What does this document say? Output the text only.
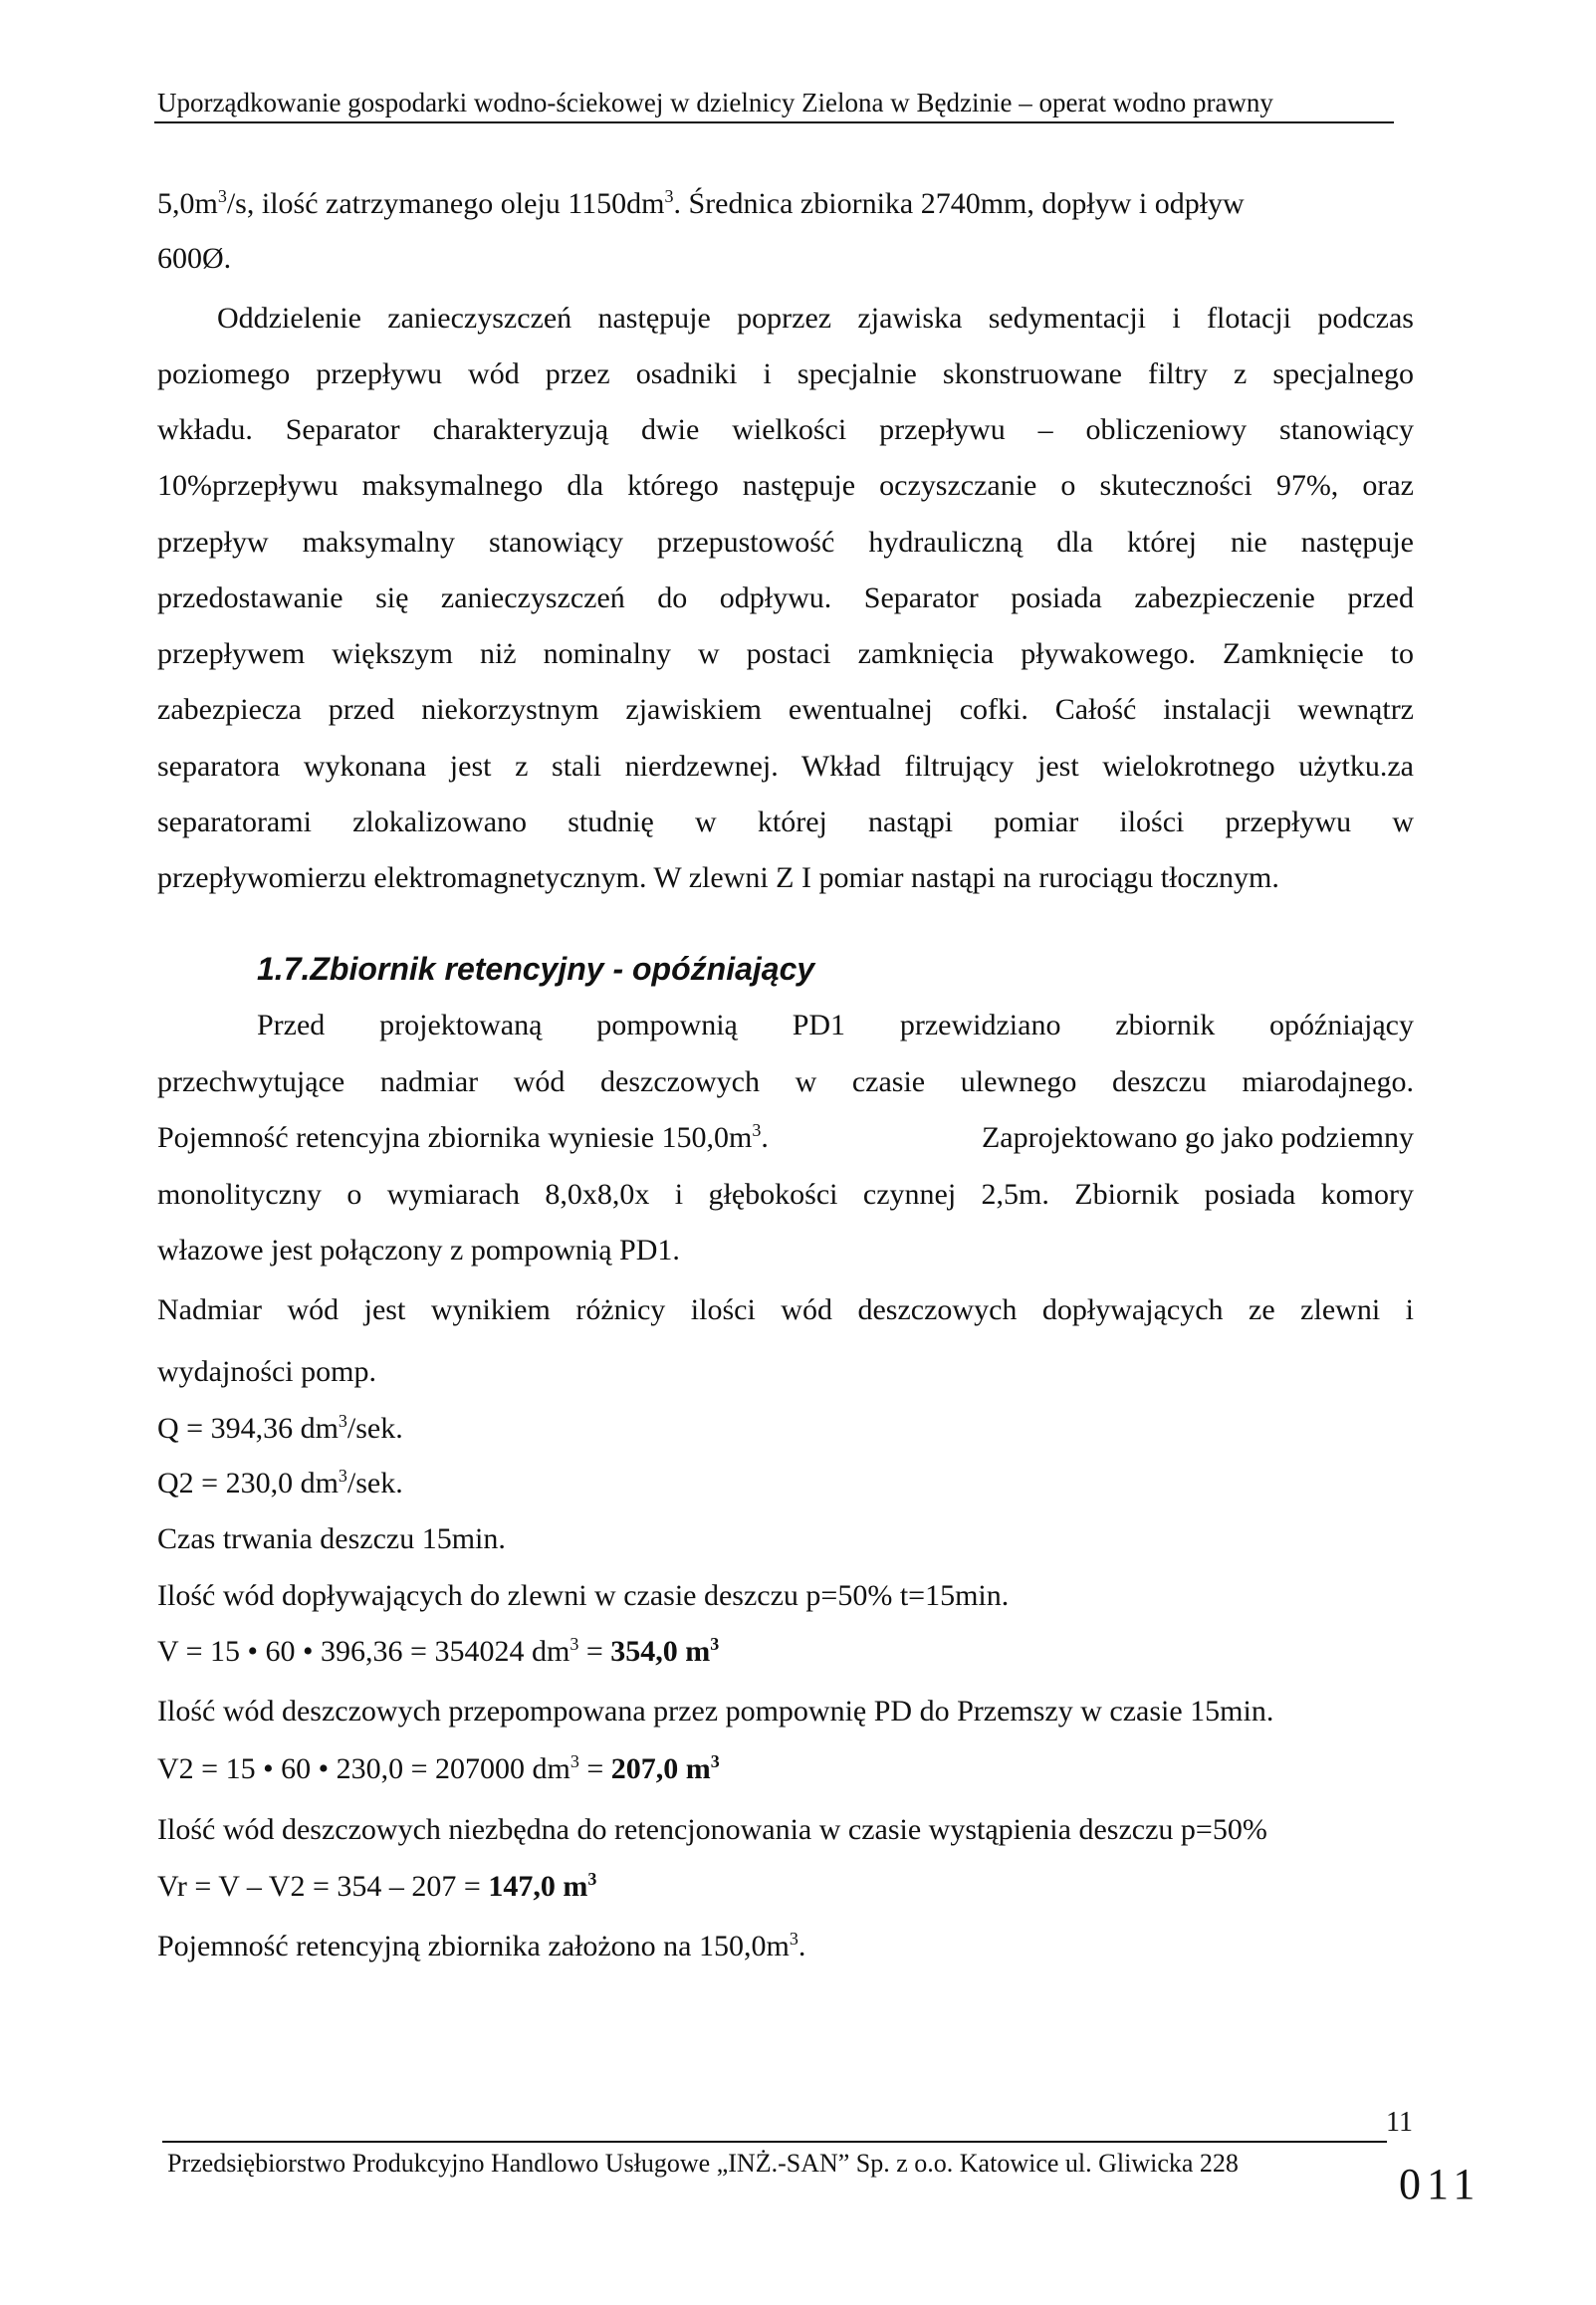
Uporządkowanie gospodarki wodno-ściekowej w dzielnicy Zielona w Będzinie – operat wodno prawny
$5,0m^3/s$, ilość zatrzymanego oleju $1150dm^3$. Średnica zbiornika 2740mm, dopływ i odpływ
600Ø.
Oddzielenie zanieczyszczeń następuje poprzez zjawiska sedymentacji i flotacji podczas
poziomego przepływu wód przez osadniki i specjalnie skonstruowane filtry z specjalnego
wkładu. Separator charakteryzują dwie wielkości przepływu – obliczeniowy stanowiący
10%przepływu maksymalnego dla którego następuje oczyszczanie o skuteczności 97%, oraz
przepływ maksymalny stanowiący przepustowość hydrauliczną dla której nie następuje
przedostawanie się zanieczyszczeń do odpływu. Separator posiada zabezpieczenie przed
przepływem większym niż nominalny w postaci zamknięcia pływakowego. Zamknięcie to
zabezpiecza przed niekorzystnym zjawiskiem ewentualnej cofki. Całość instalacji wewnątrz
separatora wykonana jest z stali nierdzewnej. Wkład filtrujący jest wielokrotnego użytku.za
separatorami zlokalizowano studnię w której nastąpi pomiar ilości przepływu w
przepływomierzu elektromagnetycznym. W zlewni Z I pomiar nastąpi na rurociągu tłocznym.
1.7.Zbiornik retencyjny - opóźniający
Przed projektowaną pompownią PD1 przewidziano zbiornik opóźniający
przechwytujące nadmiar wód deszczowych w czasie ulewnego deszczu miarodajnego.
Pojemność retencyjna zbiornika wyniesie $150,0m^3$.	Zaprojektowano go jako podziemny
monolityczny o wymiarach 8,0x8,0x i głębokości czynnej 2,5m. Zbiornik posiada komory
włazowe jest połączony z pompownią PD1.
Nadmiar wód jest wynikiem różnicy ilości wód deszczowych dopływających ze zlewni i
wydajności pomp.
Q = 394,36 $dm^3$/sek.
Q2 = 230,0 $dm^3$/sek.
Czas trwania deszczu 15min.
Ilość wód dopływających do zlewni w czasie deszczu p=50% t=15min.
V = 15 • 60 • 396,36 = 354024 $dm^3 = 354,0$ $m^3$
Ilość wód deszczowych przepompowana przez pompownię PD do Przemszy w czasie 15min.
V2 = 15 • 60 • 230,0 = 207000 $dm^3 = 207,0$ $m^3$
Ilość wód deszczowych niezbędna do retencjonowania w czasie wystąpienia deszczu p=50%
Vr = V – V2 = 354 – 207 = 147,0 $m^3$
Pojemność retencyjną zbiornika założono na $150,0m^3$.
11
Przedsiębiorstwo Produkcyjno Handlowo Usługowe „INŻ.-SAN” Sp. z o.o. Katowice ul. Gliwicka 228	011
